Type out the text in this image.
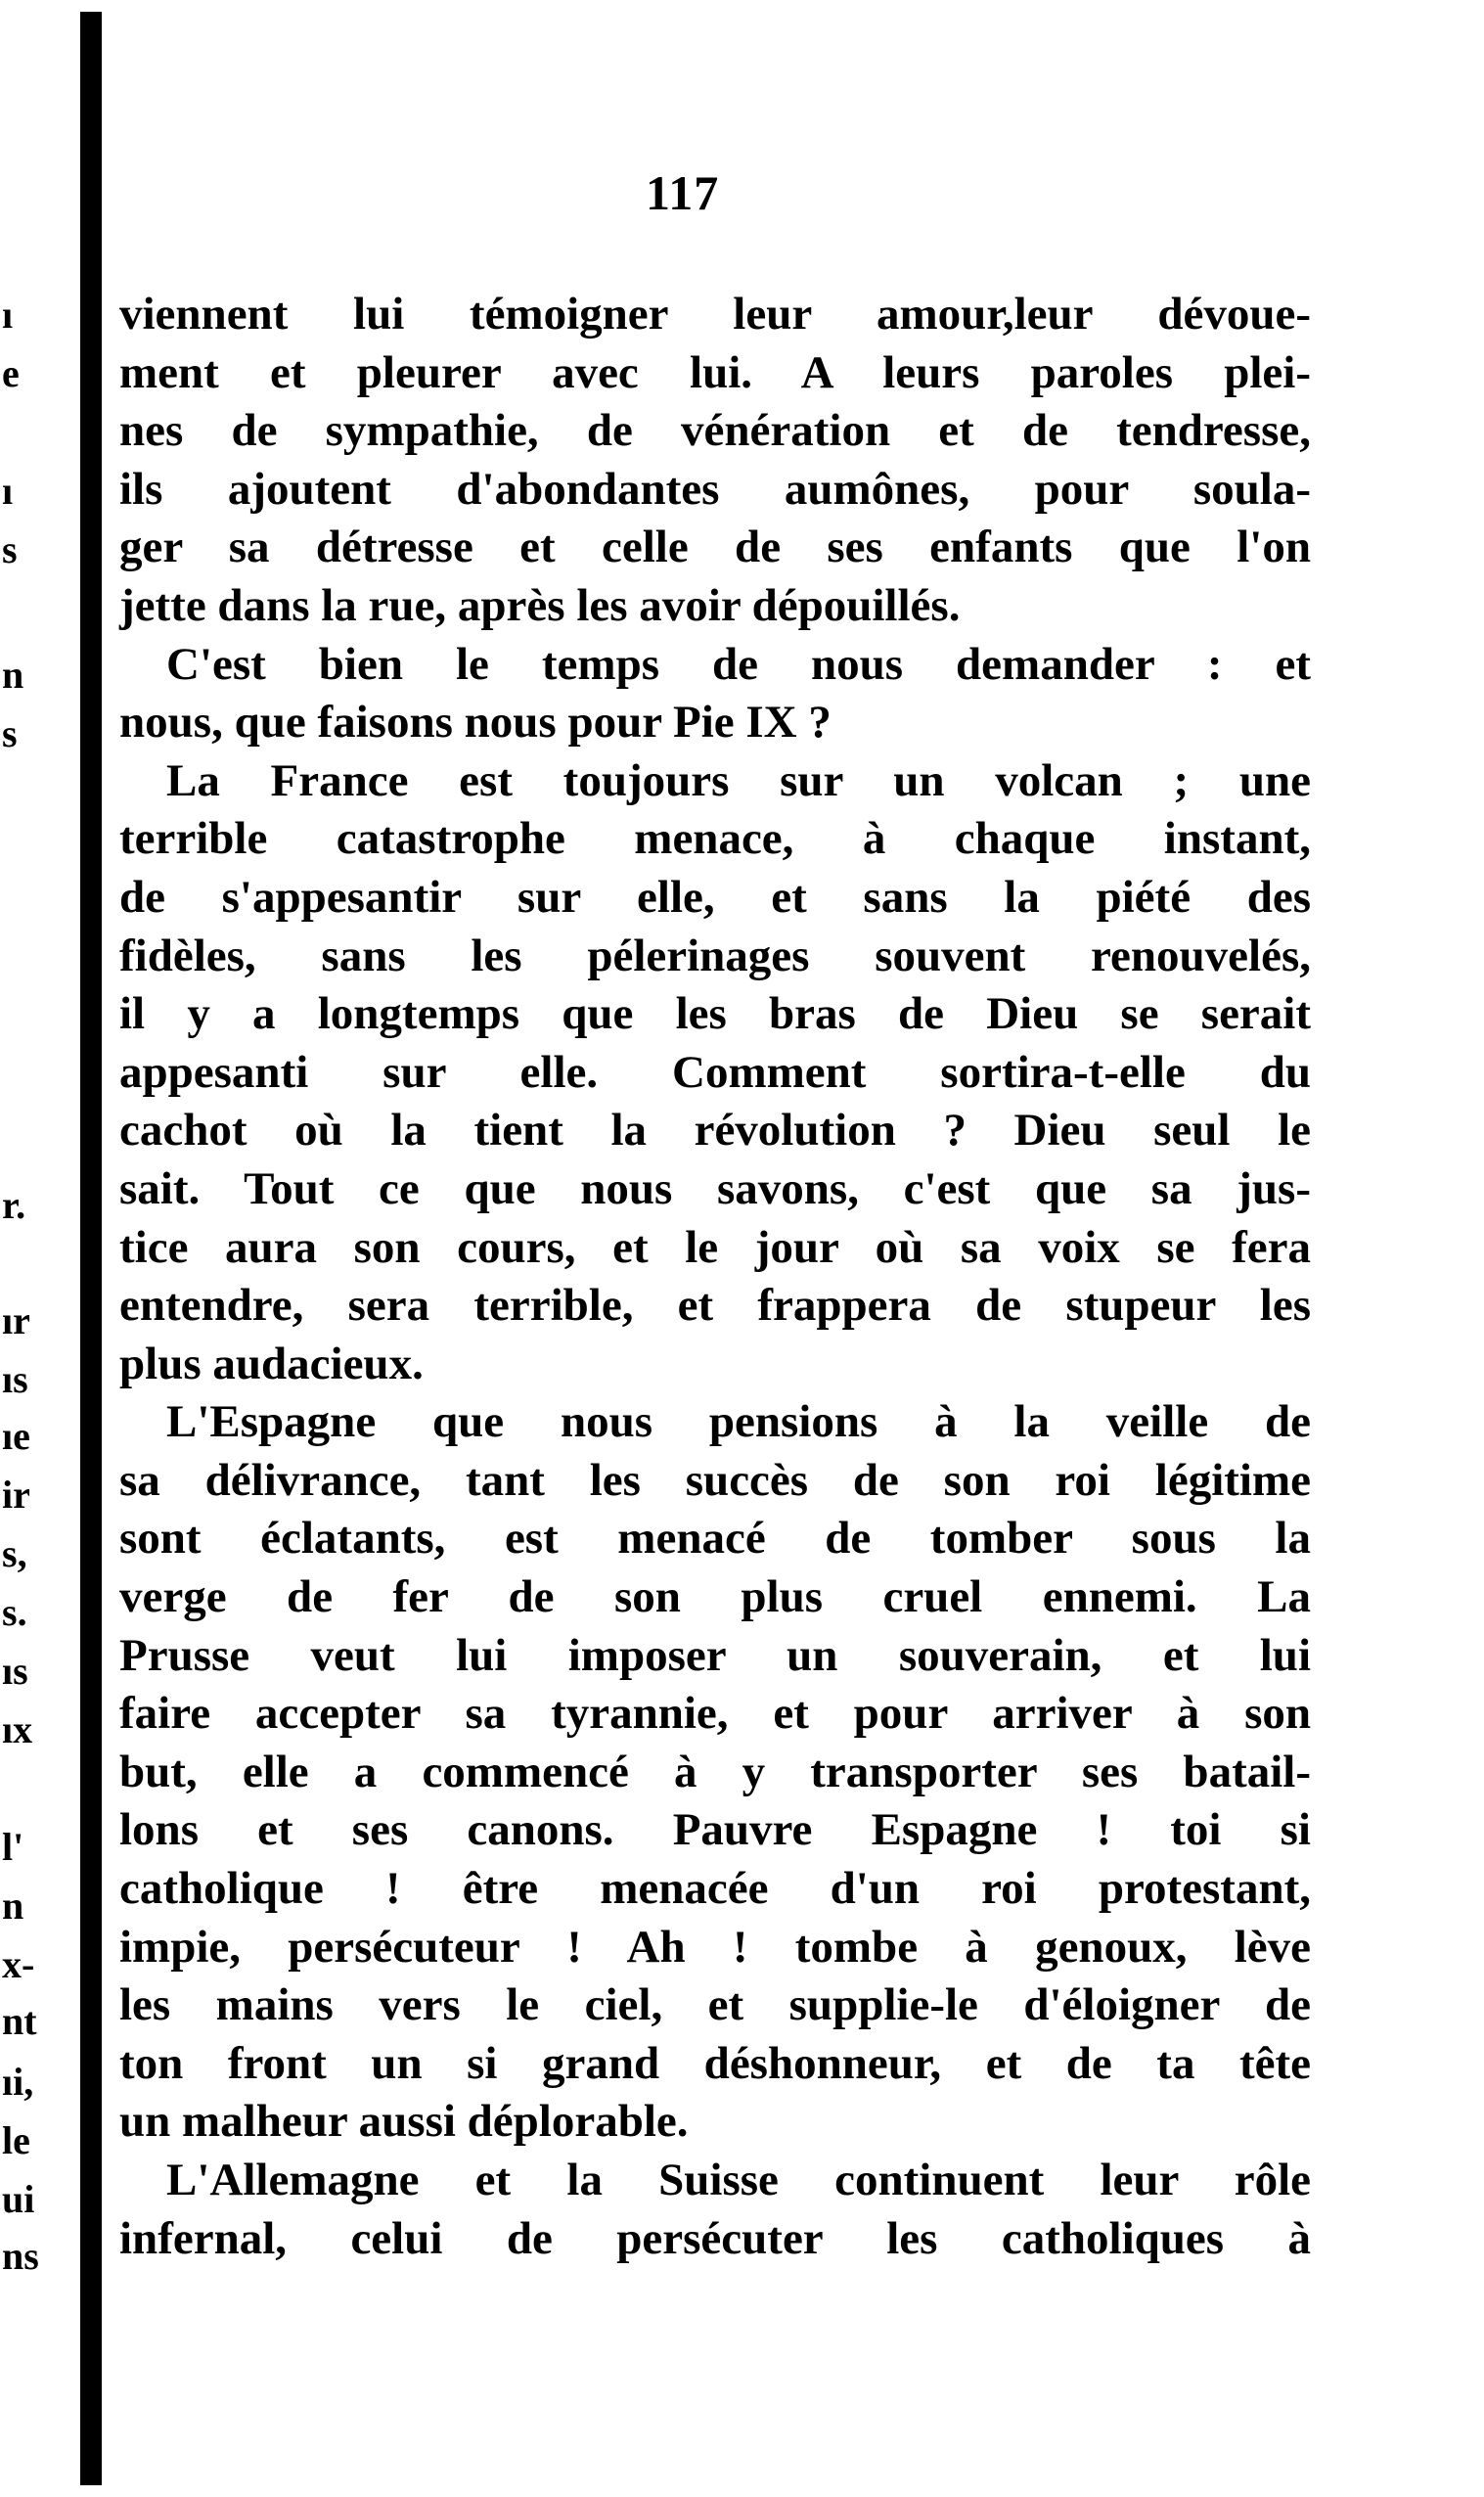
ı
e
ı
s
n
s
r.
ır
ıs
ıe
ir
s,
s.
ıs
ıx
l'
n
x-
nt
ıi,
le
ui
ns
117
viennent lui témoigner leur amour,leur dévoue-
ment et pleurer avec lui. A leurs paroles plei-
nes de sympathie, de vénération et de tendresse,
ils ajoutent d'abondantes aumônes, pour soula-
ger sa détresse et celle de ses enfants que l'on
jette dans la rue, après les avoir dépouillés.
C'est bien le temps de nous demander : et
nous, que faisons nous pour Pie IX ?
La France est toujours sur un volcan ; une
terrible catastrophe menace, à chaque instant,
de s'appesantir sur elle, et sans la piété des
fidèles, sans les pélerinages souvent renouvelés,
il y a longtemps que les bras de Dieu se serait
appesanti sur elle. Comment sortira-t-elle du
cachot où la tient la révolution ? Dieu seul le
sait. Tout ce que nous savons, c'est que sa jus-
tice aura son cours, et le jour où sa voix se fera
entendre, sera terrible, et frappera de stupeur les
plus audacieux.
L'Espagne que nous pensions à la veille de
sa délivrance, tant les succès de son roi légitime
sont éclatants, est menacé de tomber sous la
verge de fer de son plus cruel ennemi. La
Prusse veut lui imposer un souverain, et lui
faire accepter sa tyrannie, et pour arriver à son
but, elle a commencé à y transporter ses batail-
lons et ses canons. Pauvre Espagne ! toi si
catholique ! être menacée d'un roi protestant,
impie, persécuteur ! Ah ! tombe à genoux, lève
les mains vers le ciel, et supplie-le d'éloigner de
ton front un si grand déshonneur, et de ta tête
un malheur aussi déplorable.
L'Allemagne et la Suisse continuent leur rôle
infernal, celui de persécuter les catholiques à
